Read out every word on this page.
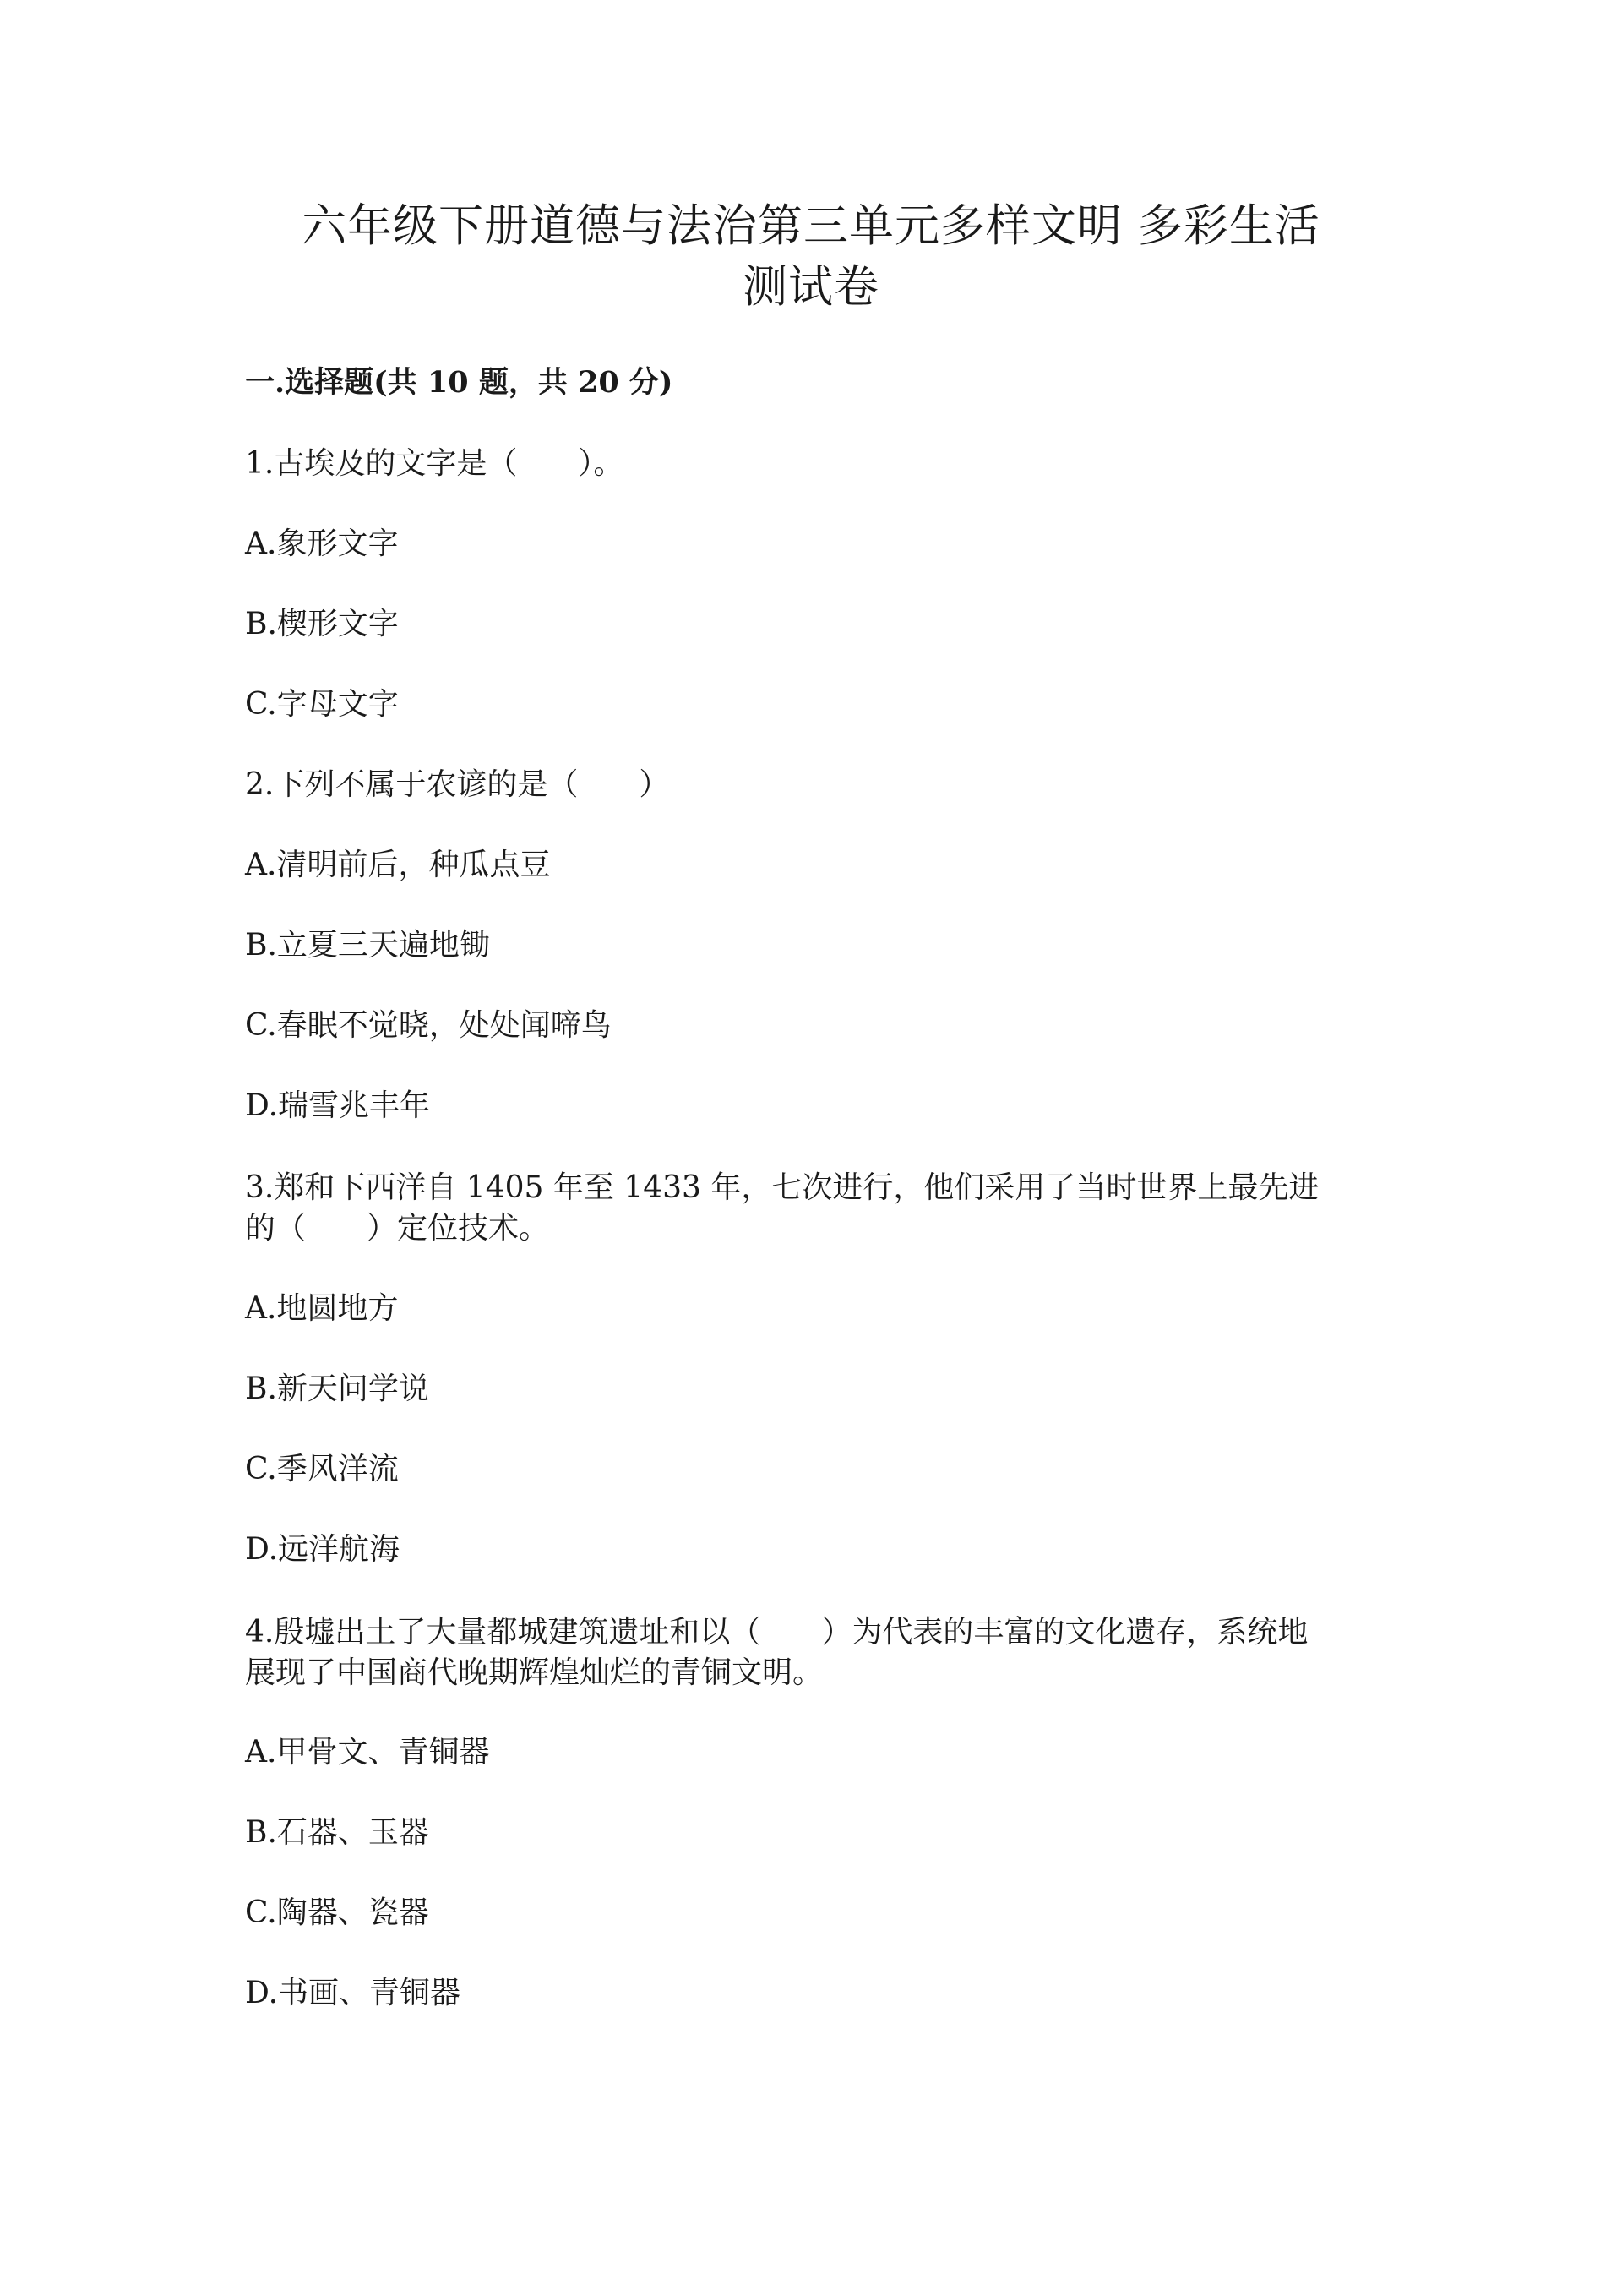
六年级下册道德与法治第三单元多样文明 多彩生活
测试卷
一.选择题(共 10 题，共 20 分)
1.古埃及的文字是（　　）。
A.象形文字
B.楔形文字
C.字母文字
2.下列不属于农谚的是（　　）
A.清明前后，种瓜点豆
B.立夏三天遍地锄
C.春眠不觉晓，处处闻啼鸟
D.瑞雪兆丰年
3.郑和下西洋自 1405 年至 1433 年，七次进行，他们采用了当时世界上最先进
的（　　）定位技术。
A.地圆地方
B.新天问学说
C.季风洋流
D.远洋航海
4.殷墟出土了大量都城建筑遗址和以（　　）为代表的丰富的文化遗存，系统地
展现了中国商代晚期辉煌灿烂的青铜文明。
A.甲骨文、青铜器
B.石器、玉器
C.陶器、瓷器
D.书画、青铜器
